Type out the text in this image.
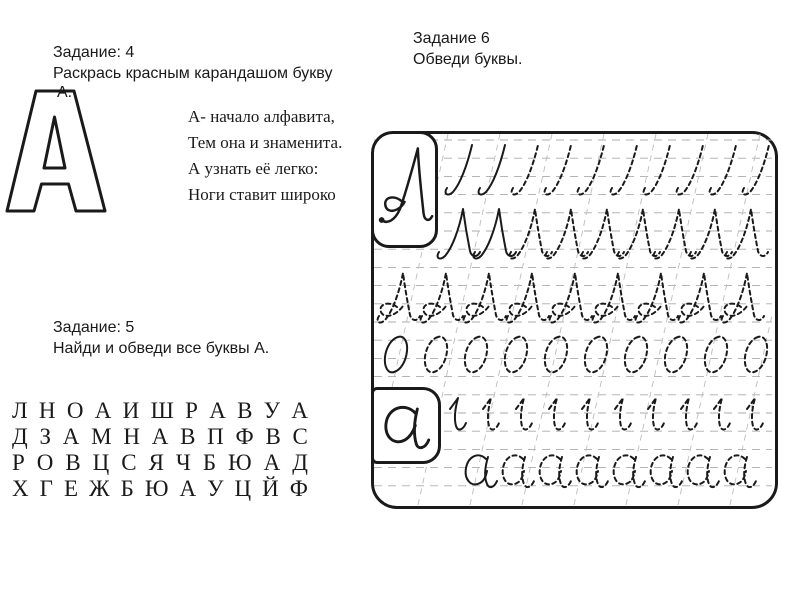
Задание: 4
Раскрась красным карандашом букву
А.
А- начало алфавита,
Тем она и знаменита.
А узнать её легко:
Ноги ставит широко
Задание: 5
Найди и обведи все буквы А.
Л Н О А И Ш Р А В У А
Д З А М Н А В П Ф В С
Р О В Ц С Я Ч Б Ю А Д
Х Г Е Ж Б Ю А У Ц Й Ф
Задание 6
Обведи буквы.
